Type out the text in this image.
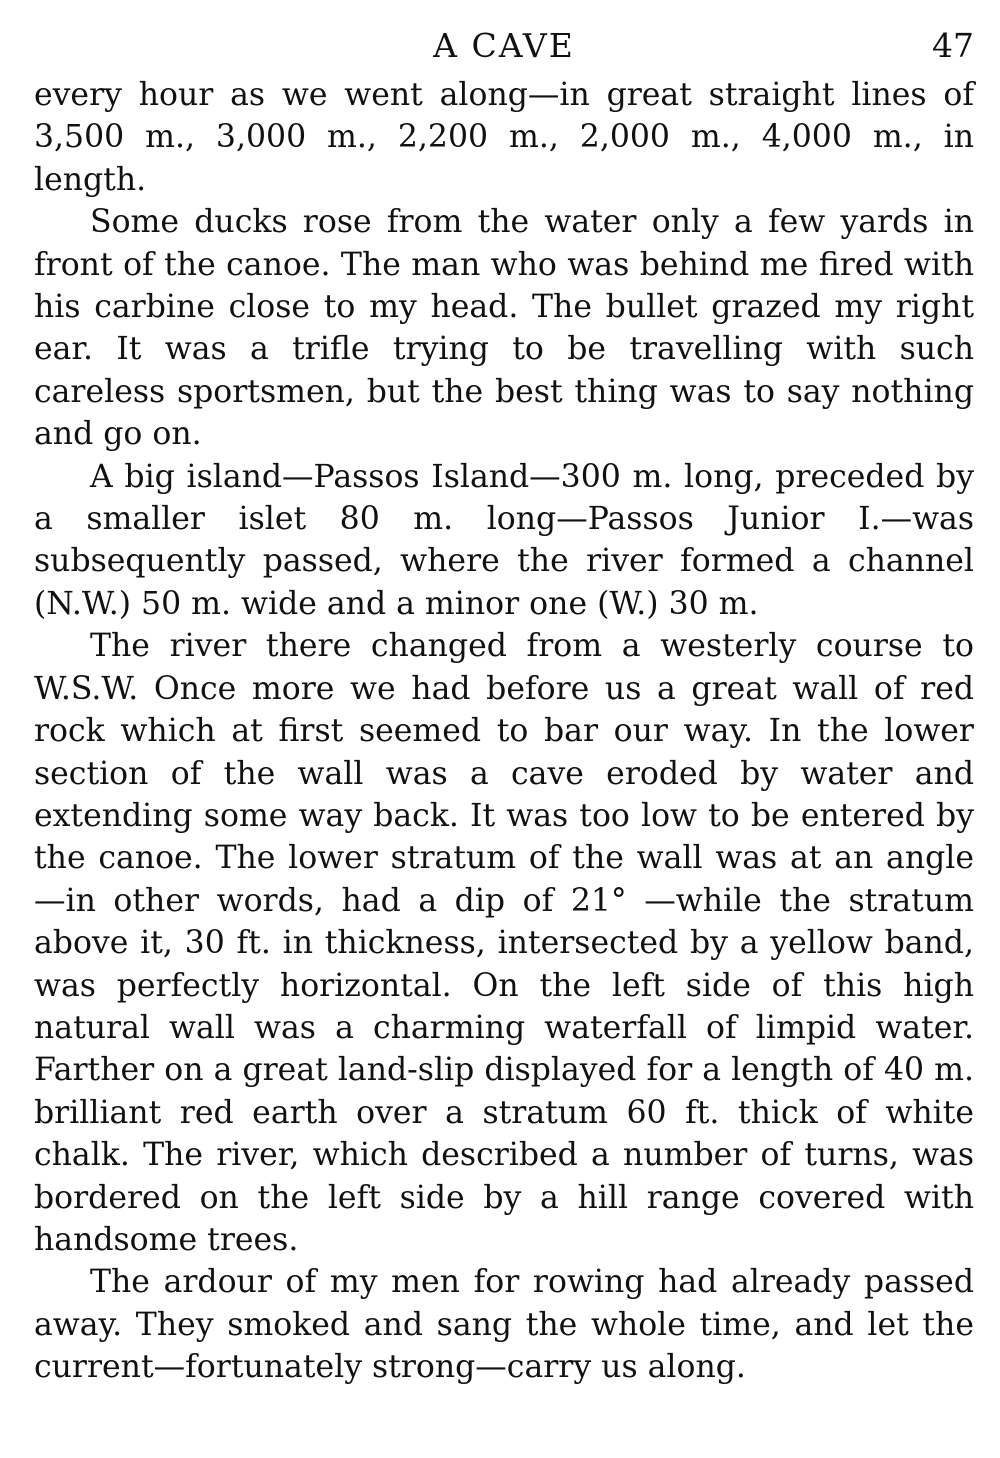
A CAVE	47

every hour as we went along—in great straight lines of 3,500 m., 3,000 m., 2,200 m., 2,000 m., 4,000 m., in length.

Some ducks rose from the water only a few yards in front of the canoe. The man who was behind me fired with his carbine close to my head. The bullet grazed my right ear. It was a trifle trying to be travelling with such careless sportsmen, but the best thing was to say nothing and go on.

A big island—Passos Island—300 m. long, preceded by a smaller islet 80 m. long—Passos Junior I.—was subsequently passed, where the river formed a channel (N.W.) 50 m. wide and a minor one (W.) 30 m.

The river there changed from a westerly course to W.S.W. Once more we had before us a great wall of red rock which at first seemed to bar our way. In the lower section of the wall was a cave eroded by water and extending some way back. It was too low to be entered by the canoe. The lower stratum of the wall was at an angle—in other words, had a dip of 21° —while the stratum above it, 30 ft. in thickness, intersected by a yellow band, was perfectly horizontal. On the left side of this high natural wall was a charming waterfall of limpid water. Farther on a great land-slip displayed for a length of 40 m. brilliant red earth over a stratum 60 ft. thick of white chalk. The river, which described a number of turns, was bordered on the left side by a hill range covered with handsome trees.

The ardour of my men for rowing had already passed away. They smoked and sang the whole time, and let the current—fortunately strong—carry us along.
